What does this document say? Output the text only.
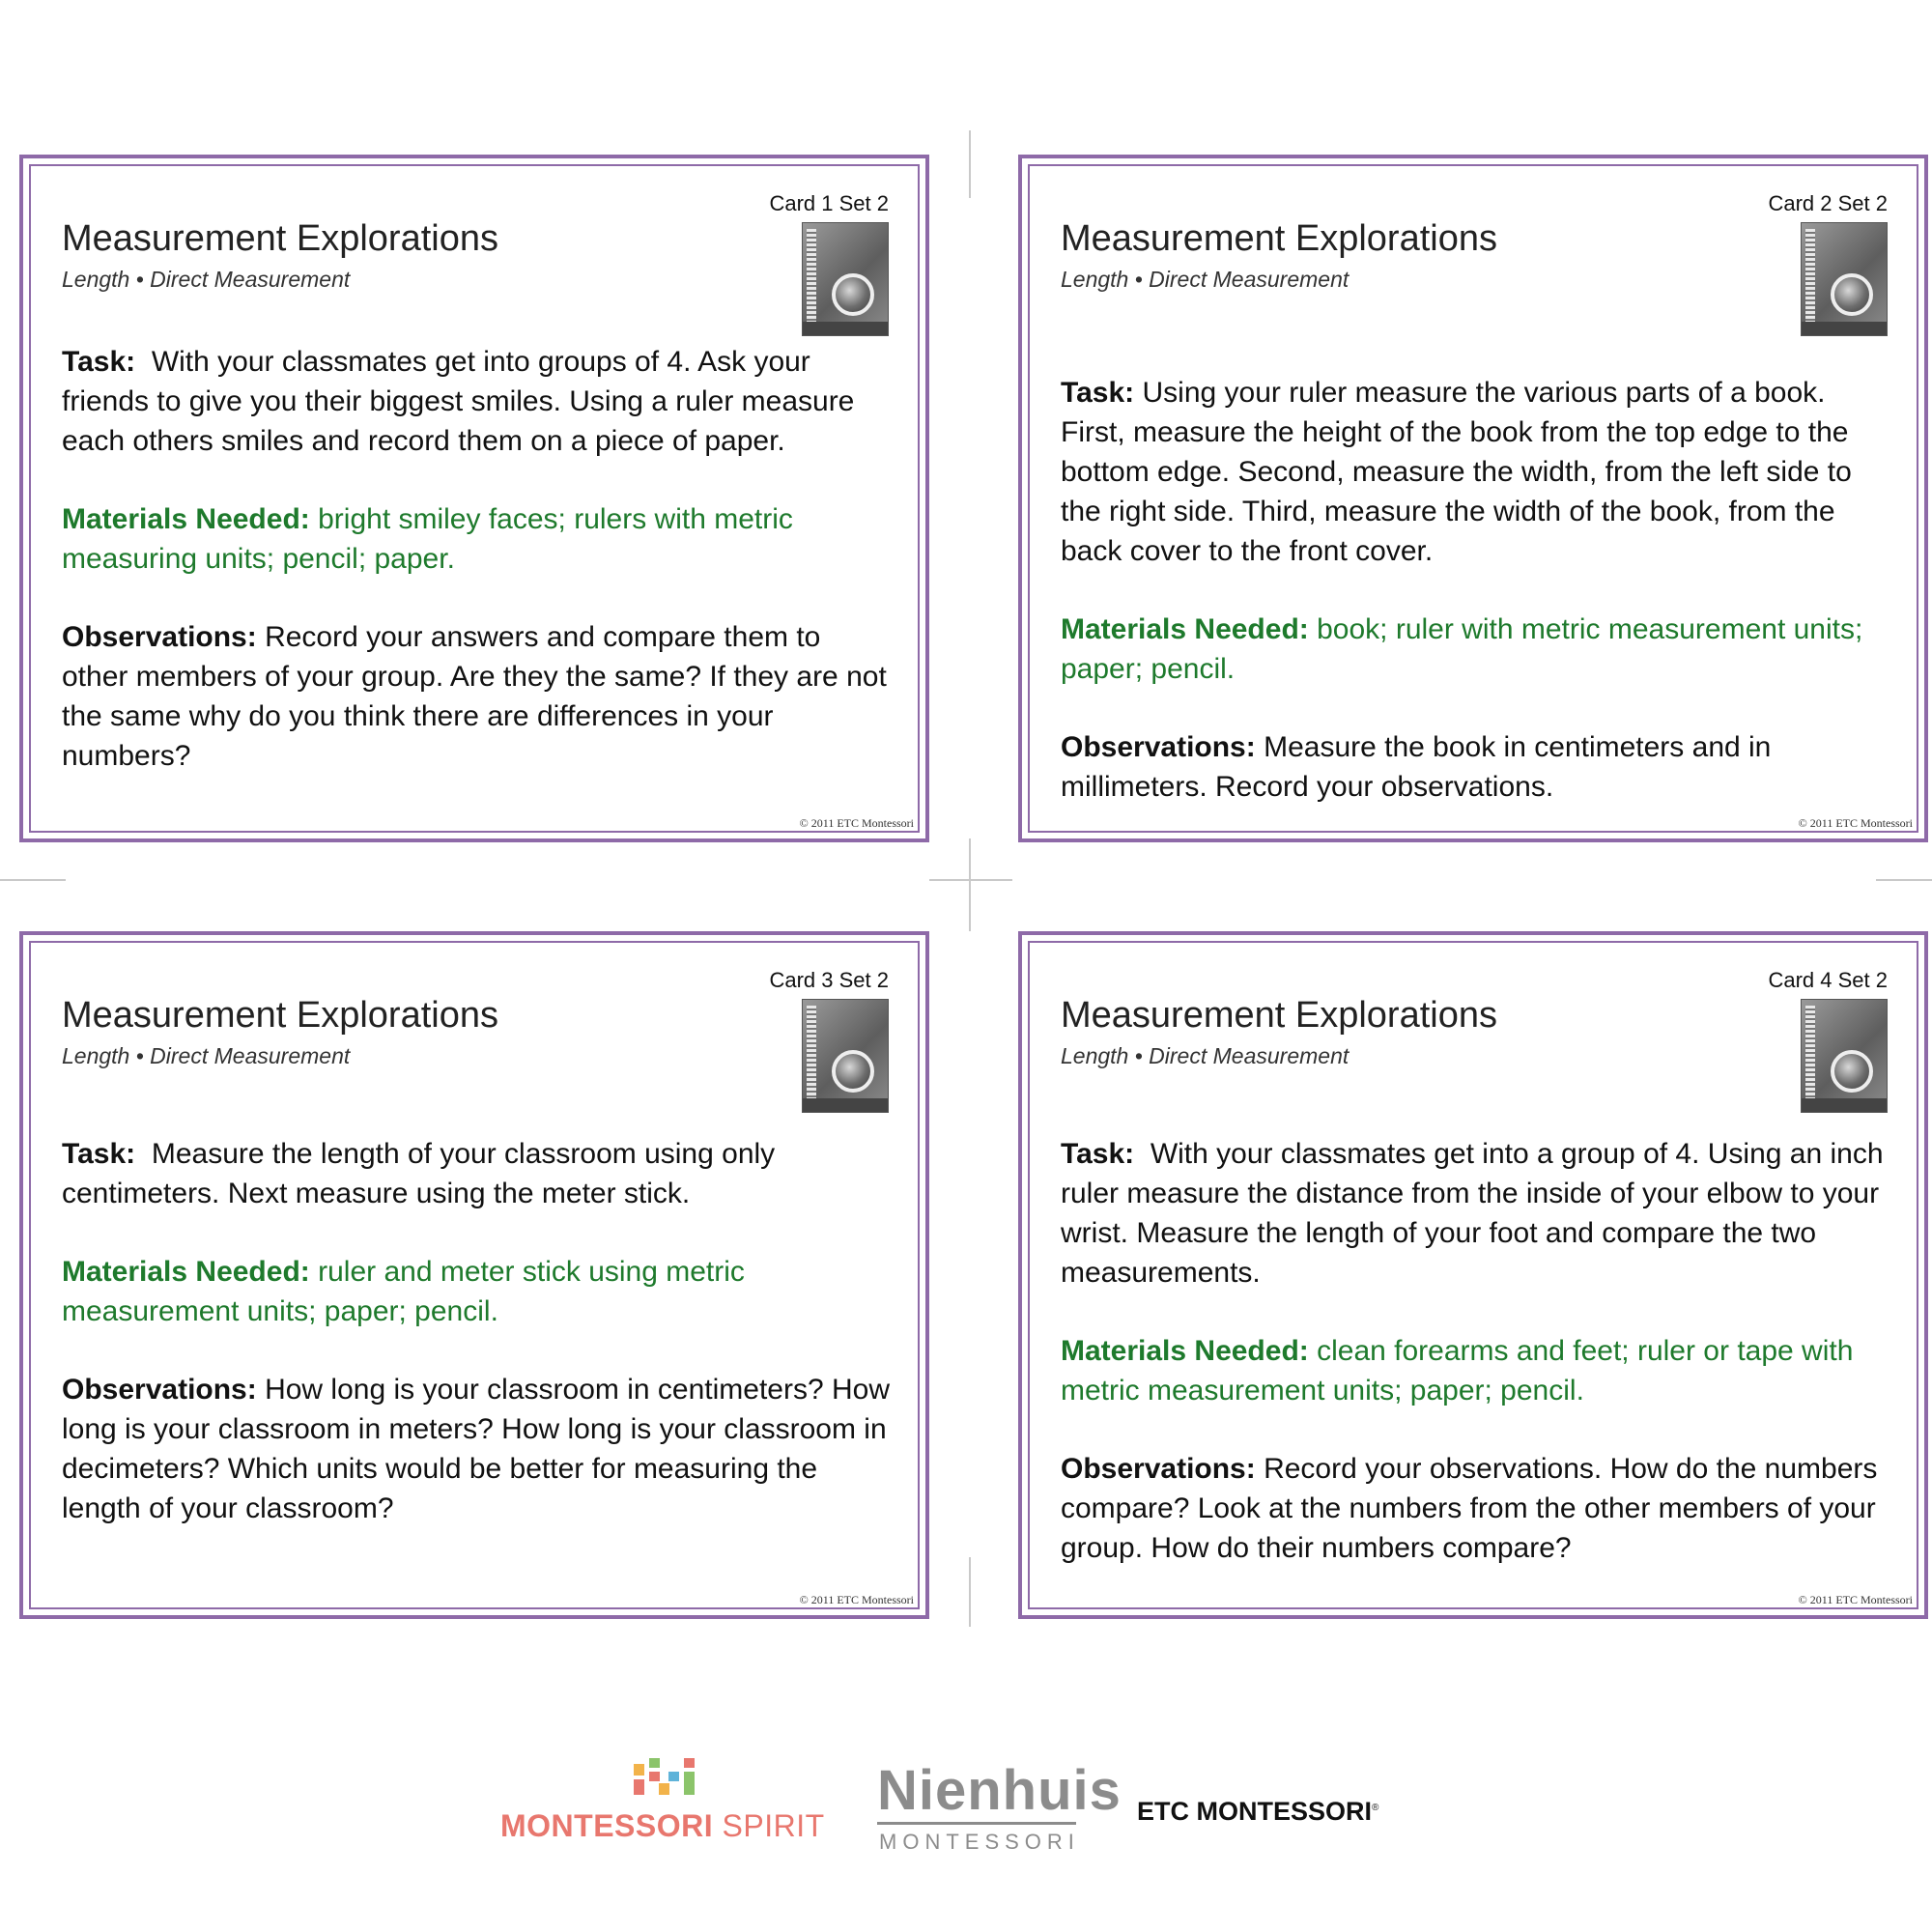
Card 1 Set 2
Measurement Explorations
Length • Direct Measurement

Task: With your classmates get into groups of 4. Ask your friends to give you their biggest smiles. Using a ruler measure each others smiles and record them on a piece of paper.

Materials Needed: bright smiley faces; rulers with metric measuring units; pencil; paper.

Observations: Record your answers and compare them to other members of your group. Are they the same? If they are not the same why do you think there are differences in your numbers?

© 2011 ETC Montessori
Card 2 Set 2
Measurement Explorations
Length • Direct Measurement

Task: Using your ruler measure the various parts of a book. First, measure the height of the book from the top edge to the bottom edge. Second, measure the width, from the left side to the right side. Third, measure the width of the book, from the back cover to the front cover.

Materials Needed: book; ruler with metric measurement units; paper; pencil.

Observations: Measure the book in centimeters and in millimeters. Record your observations.

© 2011 ETC Montessori
Card 3 Set 2
Measurement Explorations
Length • Direct Measurement

Task: Measure the length of your classroom using only centimeters. Next measure using the meter stick.

Materials Needed: ruler and meter stick using metric measurement units; paper; pencil.

Observations: How long is your classroom in centimeters? How long is your classroom in meters? How long is your classroom in decimeters? Which units would be better for measuring the length of your classroom?

© 2011 ETC Montessori
Card 4 Set 2
Measurement Explorations
Length • Direct Measurement

Task: With your classmates get into a group of 4. Using an inch ruler measure the distance from the inside of your elbow to your wrist. Measure the length of your foot and compare the two measurements.

Materials Needed: clean forearms and feet; ruler or tape with metric measurement units; paper; pencil.

Observations: Record your observations. How do the numbers compare? Look at the numbers from the other members of your group. How do their numbers compare?

© 2011 ETC Montessori
MONTESSORI SPIRIT
Nienhuis
MONTESSORI
ETC MONTESSORI®
